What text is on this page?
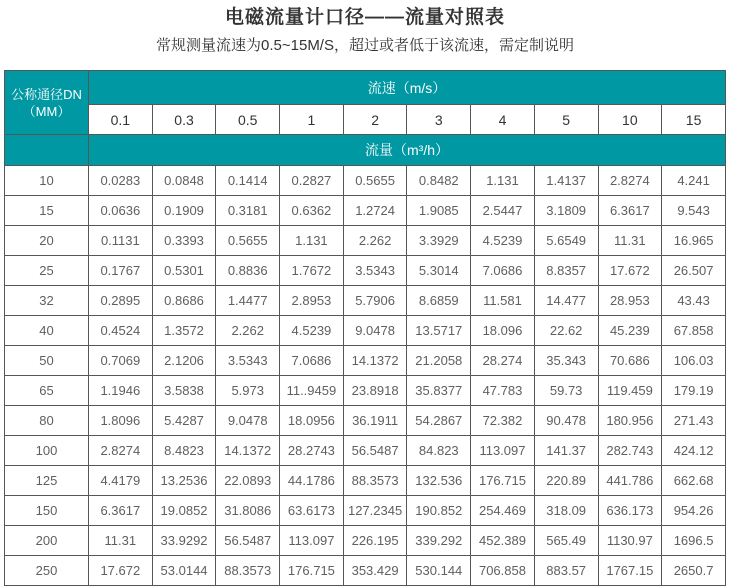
电磁流量计口径——流量对照表
常规测量流速为0.5~15M/S，超过或者低于该流速，需定制说明
公称通径DN
（MM）	流速（m/s）									
	0.1	0.3	0.5	1	2	3	4	5	10	15
	流量（m³/h）									
10	0.0283	0.0848	0.1414	0.2827	0.5655	0.8482	1.131	1.4137	2.8274	4.241
15	0.0636	0.1909	0.3181	0.6362	1.2724	1.9085	2.5447	3.1809	6.3617	9.543
20	0.1131	0.3393	0.5655	1.131	2.262	3.3929	4.5239	5.6549	11.31	16.965
25	0.1767	0.5301	0.8836	1.7672	3.5343	5.3014	7.0686	8.8357	17.672	26.507
32	0.2895	0.8686	1.4477	2.8953	5.7906	8.6859	11.581	14.477	28.953	43.43
40	0.4524	1.3572	2.262	4.5239	9.0478	13.5717	18.096	22.62	45.239	67.858
50	0.7069	2.1206	3.5343	7.0686	14.1372	21.2058	28.274	35.343	70.686	106.03
65	1.1946	3.5838	5.973	11..9459	23.8918	35.8377	47.783	59.73	119.459	179.19
80	1.8096	5.4287	9.0478	18.0956	36.1911	54.2867	72.382	90.478	180.956	271.43
100	2.8274	8.4823	14.1372	28.2743	56.5487	84.823	113.097	141.37	282.743	424.12
125	4.4179	13.2536	22.0893	44.1786	88.3573	132.536	176.715	220.89	441.786	662.68
150	6.3617	19.0852	31.8086	63.6173	127.2345	190.852	254.469	318.09	636.173	954.26
200	11.31	33.9292	56.5487	113.097	226.195	339.292	452.389	565.49	1130.97	1696.5
250	17.672	53.0144	88.3573	176.715	353.429	530.144	706.858	883.57	1767.15	2650.7
